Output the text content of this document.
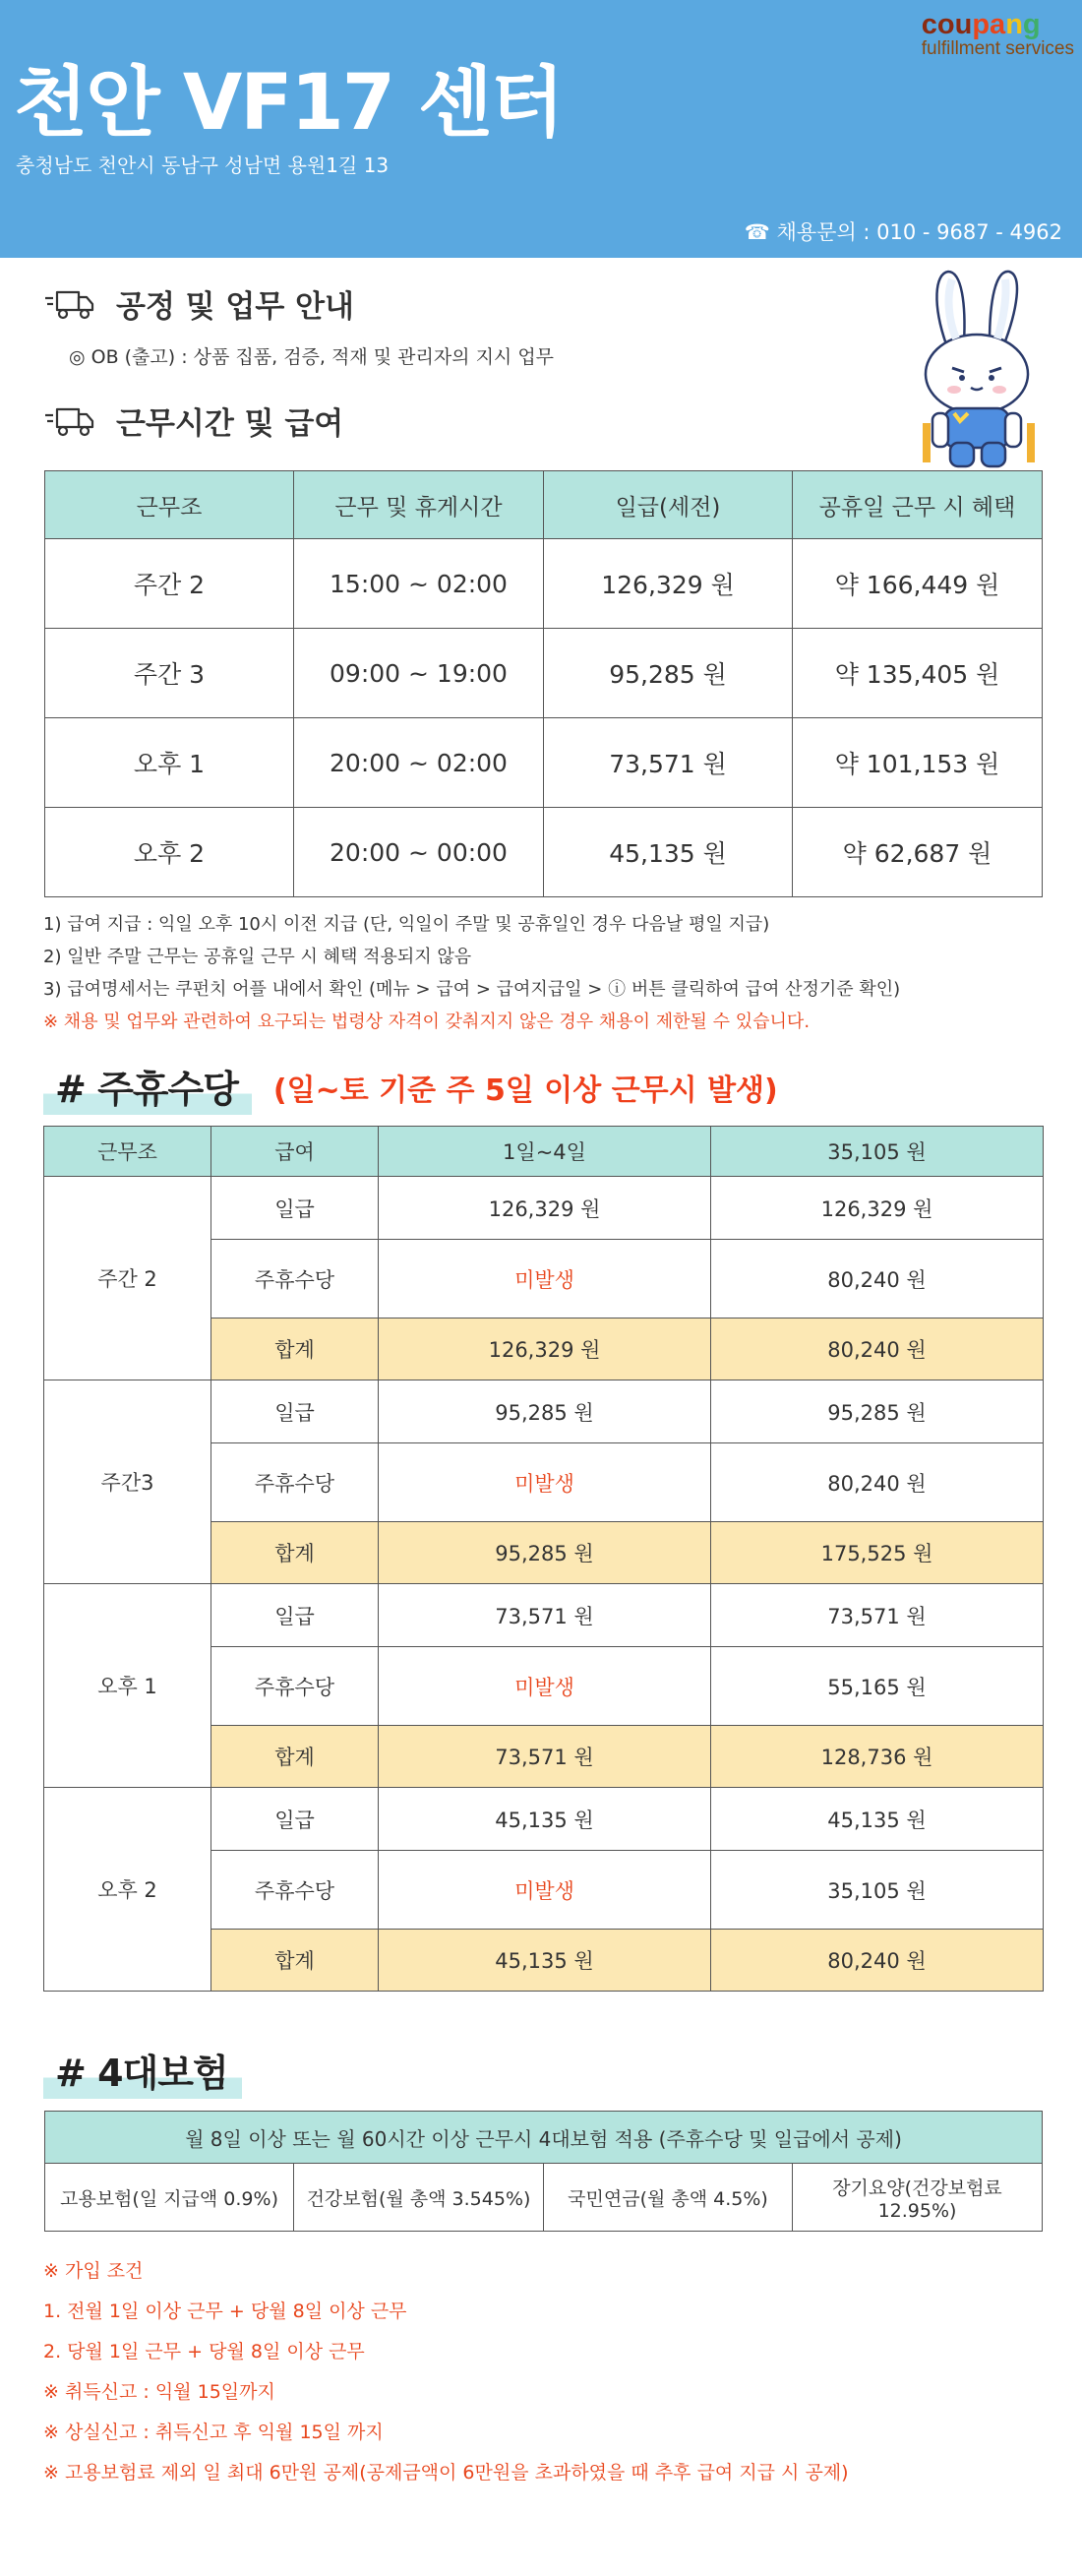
coupang
fulfillment services
천안 VF17 센터
충청남도 천안시 동남구 성남면 용원1길 13
☎ 채용문의 : 010 - 9687 - 4962
공정 및 업무 안내
◎ OB (출고) : 상품 집품, 검증, 적재 및 관리자의 지시 업무
근무시간 및 급여
근무조	근무 및 휴게시간	일급(세전)	공휴일 근무 시 혜택
주간 2	15:00 ~ 02:00	126,329 원	약 166,449 원
주간 3	09:00 ~ 19:00	95,285 원	약 135,405 원
오후 1	20:00 ~ 02:00	73,571 원	약 101,153 원
오후 2	20:00 ~ 00:00	45,135 원	약 62,687 원
1) 급여 지급 : 익일 오후 10시 이전 지급 (단, 익일이 주말 및 공휴일인 경우 다음날 평일 지급)
2) 일반 주말 근무는 공휴일 근무 시 혜택 적용되지 않음
3) 급여명세서는 쿠펀치 어플 내에서 확인 (메뉴 > 급여 > 급여지급일 > ⓘ 버튼 클릭하여 급여 산정기준 확인)
※ 채용 및 업무와 관련하여 요구되는 법령상 자격이 갖춰지지 않은 경우 채용이 제한될 수 있습니다.
# 주휴수당	(일~토 기준 주 5일 이상 근무시 발생)
근무조	급여	1일~4일	35,105 원
주간 2	일급	126,329 원	126,329 원
	주휴수당	미발생	80,240 원
	합계	126,329 원	80,240 원
주간3	일급	95,285 원	95,285 원
	주휴수당	미발생	80,240 원
	합계	95,285 원	175,525 원
오후 1	일급	73,571 원	73,571 원
	주휴수당	미발생	55,165 원
	합계	73,571 원	128,736 원
오후 2	일급	45,135 원	45,135 원
	주휴수당	미발생	35,105 원
	합계	45,135 원	80,240 원
# 4대보험
월 8일 이상 또는 월 60시간 이상 근무시 4대보험 적용 (주휴수당 및 일급에서 공제)
고용보험(일 지급액 0.9%)	건강보험(월 총액 3.545%)	국민연금(월 총액 4.5%)	장기요양(건강보험료 12.95%)
※ 가입 조건
1. 전월 1일 이상 근무 + 당월 8일 이상 근무
2. 당월 1일 근무 + 당월 8일 이상 근무
※ 취득신고 : 익월 15일까지
※ 상실신고 : 취득신고 후 익월 15일 까지
※ 고용보험료 제외 일 최대 6만원 공제(공제금액이 6만원을 초과하였을 때 추후 급여 지급 시 공제)
